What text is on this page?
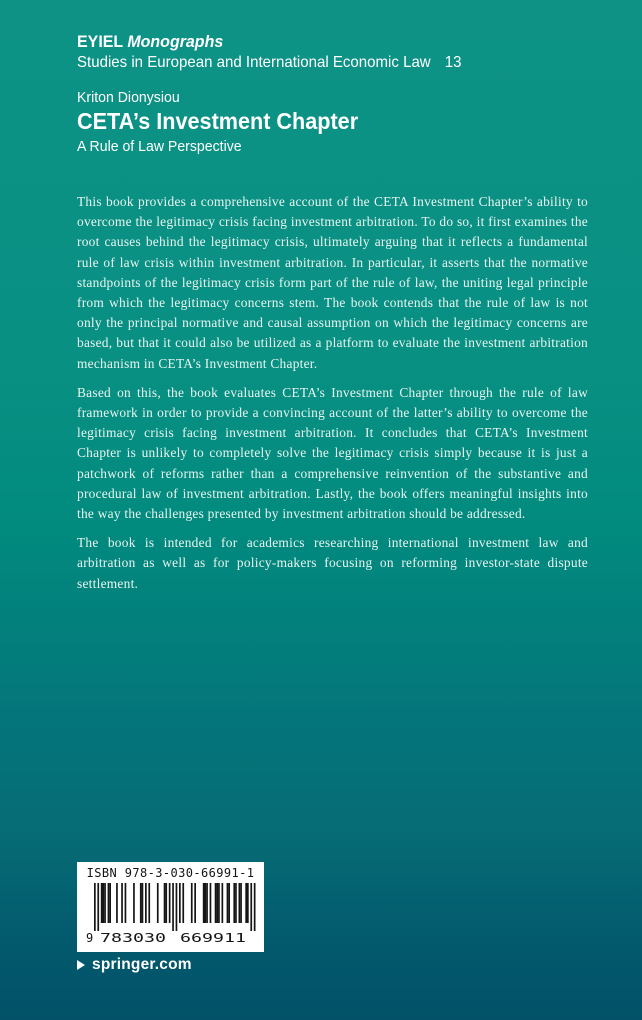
EYIEL Monographs
Studies in European and International Economic Law 13
Kriton Dionysiou
CETA’s Investment Chapter
A Rule of Law Perspective

This book provides a comprehensive account of the CETA Investment Chapter’s ability to overcome the legitimacy crisis facing investment arbitration. To do so, it first examines the root causes behind the legitimacy crisis, ultimately arguing that it reflects a fundamental rule of law crisis within investment arbitration. In particular, it asserts that the normative standpoints of the legitimacy crisis form part of the rule of law, the uniting legal principle from which the legitimacy concerns stem. The book contends that the rule of law is not only the principal normative and causal assumption on which the legitimacy concerns are based, but that it could also be utilized as a platform to evaluate the investment arbitration mechanism in CETA’s Investment Chapter.

Based on this, the book evaluates CETA’s Investment Chapter through the rule of law framework in order to provide a convincing account of the latter’s ability to overcome the legitimacy crisis facing investment arbitration. It concludes that CETA’s Investment Chapter is unlikely to completely solve the legitimacy crisis simply because it is just a patchwork of reforms rather than a comprehensive reinvention of the substantive and procedural law of investment arbitration. Lastly, the book offers meaningful insights into the way the challenges presented by investment arbitration should be addressed.

The book is intended for academics researching international investment law and arbitration as well as for policy-makers focusing on reforming investor-state dispute settlement.

ISBN 978-3-030-66991-1
9 783030 669911
springer.com
